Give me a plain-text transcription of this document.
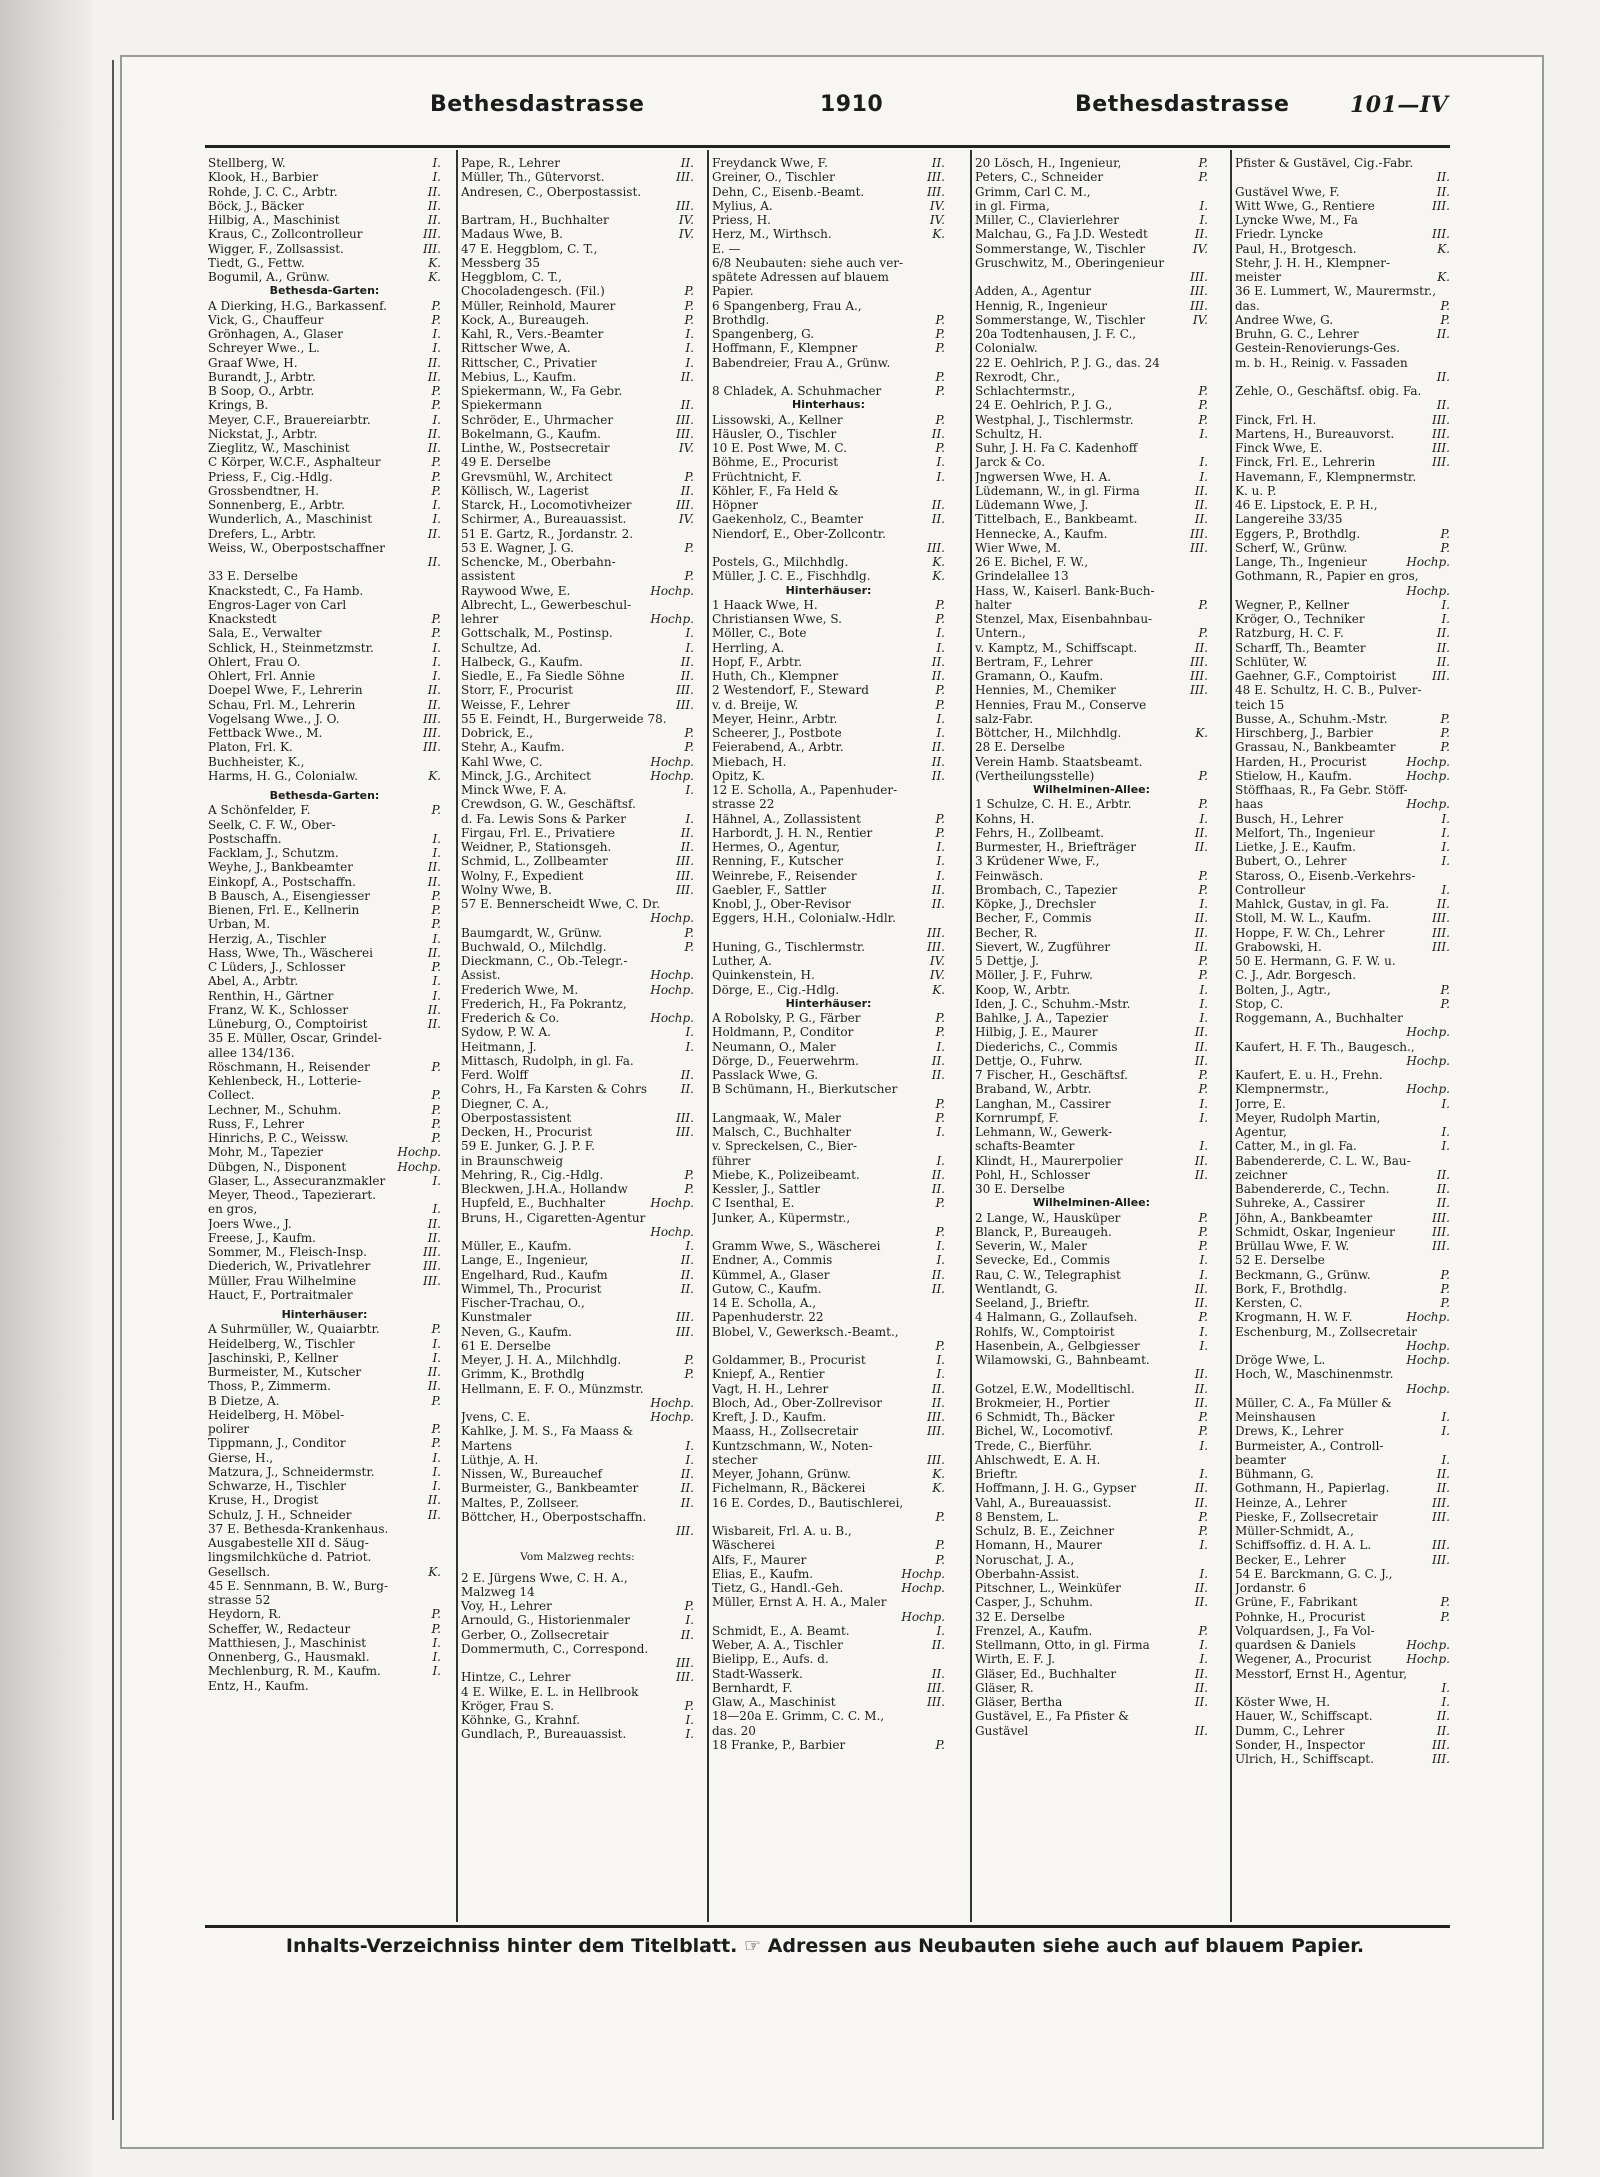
Bethesdastrasse	1910	Bethesdastrasse	101—IV
Stellberg, W.	I.
Klook, H., Barbier	I.
Rohde, J. C. C., Arbtr.	II.
Böck, J., Bäcker	II.
Hilbig, A., Maschinist	II.
Kraus, C., Zollcontrolleur	III.
Wigger, F., Zollsassist.	III.
Tiedt, G., Fettw.	K.
Bogumil, A., Grünw.	K.
Bethesda-Garten:
A Dierking, H.G., Barkassenf.	P.
Vick, G., Chauffeur	P.
Grönhagen, A., Glaser	I.
Schreyer Wwe., L.	I.
Graaf Wwe, H.	II.
Burandt, J., Arbtr.	II.
B Soop, O., Arbtr.	P.
Krings, B.	P.
Meyer, C.F., Brauereiarbtr.	I.
Nickstat, J., Arbtr.	II.
Zieglitz, W., Maschinist	II.
C Körper, W.C.F., Asphalteur	P.
Priess, F., Cig.-Hdlg.	P.
Grossbendtner, H.	P.
Sonnenberg, E., Arbtr.	I.
Wunderlich, A., Maschinist	I.
Drefers, L., Arbtr.	II.
Weiss, W., Oberpostschaffner
II.
33 E. Derselbe
Knackstedt, C., Fa Hamb.
Engros-Lager von Carl
Knackstedt	P.
Sala, E., Verwalter	P.
Schlick, H., Steinmetzmstr.	I.
Ohlert, Frau O.	I.
Ohlert, Frl. Annie	I.
Doepel Wwe, F., Lehrerin	II.
Schau, Frl. M., Lehrerin	II.
Vogelsang Wwe., J. O.	III.
Fettback Wwe., M.	III.
Platon, Frl. K.	III.
Buchheister, K.,
Harms, H. G., Colonialw.	K.
Bethesda-Garten:
A Schönfelder, F.	P.
Seelk, C. F. W., Ober-
Postschaffn.	I.
Facklam, J., Schutzm.	I.
Weyhe, J., Bankbeamter	II.
Einkopf, A., Postschaffn.	II.
B Bausch, A., Eisengiesser	P.
Bienen, Frl. E., Kellnerin	P.
Urban, M.	P.
Herzig, A., Tischler	I.
Hass, Wwe, Th., Wäscherei	II.
C Lüders, J., Schlosser	P.
Abel, A., Arbtr.	I.
Renthin, H., Gärtner	I.
Franz, W. K., Schlosser	II.
Lüneburg, O., Comptoirist	II.
35 E. Müller, Oscar, Grindel-
allee 134/136.
Röschmann, H., Reisender	P.
Kehlenbeck, H., Lotterie-
Collect.	P.
Lechner, M., Schuhm.	P.
Russ, F., Lehrer	P.
Hinrichs, P. C., Weissw.	P.
Mohr, M., Tapezier	Hochp.
Dübgen, N., Disponent	Hochp.
Glaser, L., Assecuranzmakler	I.
Meyer, Theod., Tapezierart.
en gros,	I.
Joers Wwe., J.	II.
Freese, J., Kaufm.	II.
Sommer, M., Fleisch-Insp.	III.
Diederich, W., Privatlehrer	III.
Müller, Frau Wilhelmine	III.
Hauct, F., Portraitmaler
Hinterhäuser:
A Suhrmüller, W., Quaiarbtr.	P.
Heidelberg, W., Tischler	I.
Jaschinski, P., Kellner	I.
Burmeister, M., Kutscher	II.
Thoss, P., Zimmerm.	II.
B Dietze, A.	P.
Heidelberg, H. Möbel-
polirer	P.
Tippmann, J., Conditor	P.
Gierse, H.,	I.
Matzura, J., Schneidermstr.	I.
Schwarze, H., Tischler	I.
Kruse, H., Drogist	II.
Schulz, J. H., Schneider	II.
37 E. Bethesda-Krankenhaus.
Ausgabestelle XII d. Säug-
lingsmilchküche d. Patriot.
Gesellsch.	K.
45 E. Sennmann, B. W., Burg-
strasse 52
Heydorn, R.	P.
Scheffer, W., Redacteur	P.
Matthiesen, J., Maschinist	I.
Onnenberg, G., Hausmakl.	I.
Mechlenburg, R. M., Kaufm.	I.
Entz, H., Kaufm.
Pape, R., Lehrer	II.
Müller, Th., Gütervorst.	III.
Andresen, C., Oberpostassist.
III.
Bartram, H., Buchhalter	IV.
Madaus Wwe, B.	IV.
47 E. Heggblom, C. T.,
Messberg 35
Heggblom, C. T.,
Chocoladengesch. (Fil.)	P.
Müller, Reinhold, Maurer	P.
Kock, A., Bureaugeh.	P.
Kahl, R., Vers.-Beamter	I.
Rittscher Wwe, A.	I.
Rittscher, C., Privatier	I.
Mebius, L., Kaufm.	II.
Spiekermann, W., Fa Gebr.
Spiekermann	II.
Schröder, E., Uhrmacher	III.
Bokelmann, G., Kaufm.	III.
Linthe, W., Postsecretair	IV.
49 E. Derselbe
Grevsmühl, W., Architect	P.
Köllisch, W., Lagerist	II.
Starck, H., Locomotivheizer	III.
Schirmer, A., Bureauassist.	IV.
51 E. Gartz, R., Jordanstr. 2.
53 E. Wagner, J. G.	P.
Schencke, M., Oberbahn-
assistent	P.
Raywood Wwe, E.	Hochp.
Albrecht, L., Gewerbeschul-
lehrer	Hochp.
Gottschalk, M., Postinsp.	I.
Schultze, Ad.	I.
Halbeck, G., Kaufm.	II.
Siedle, E., Fa Siedle Söhne	II.
Storr, F., Procurist	III.
Weisse, F., Lehrer	III.
55 E. Feindt, H., Burgerweide 78.
Dobrick, E.,	P.
Stehr, A., Kaufm.	P.
Kahl Wwe, C.	Hochp.
Minck, J.G., Architect	Hochp.
Minck Wwe, F. A.	I.
Crewdson, G. W., Geschäftsf.
d. Fa. Lewis Sons & Parker	I.
Firgau, Frl. E., Privatiere	II.
Weidner, P., Stationsgeh.	II.
Schmid, L., Zollbeamter	III.
Wolny, F., Expedient	III.
Wolny Wwe, B.	III.
57 E. Bennerscheidt Wwe, C. Dr.
Hochp.
Baumgardt, W., Grünw.	P.
Buchwald, O., Milchdlg.	P.
Dieckmann, C., Ob.-Telegr.-
Assist.	Hochp.
Frederich Wwe, M.	Hochp.
Frederich, H., Fa Pokrantz,
Frederich & Co.	Hochp.
Sydow, P. W. A.	I.
Heitmann, J.	I.
Mittasch, Rudolph, in gl. Fa.
Ferd. Wolff	II.
Cohrs, H., Fa Karsten & Cohrs	II.
Diegner, C. A.,
Oberpostassistent	III.
Decken, H., Procurist	III.
59 E. Junker, G. J. P. F.
in Braunschweig
Mehring, R., Cig.-Hdlg.	P.
Bleckwen, J.H.A., Hollandw	P.
Hupfeld, E., Buchhalter	Hochp.
Bruns, H., Cigaretten-Agentur
Hochp.
Müller, E., Kaufm.	I.
Lange, E., Ingenieur,	II.
Engelhard, Rud., Kaufm	II.
Wimmel, Th., Procurist	II.
Fischer-Trachau, O.,
Kunstmaler	III.
Neven, G., Kaufm.	III.
61 E. Derselbe
Meyer, J. H. A., Milchhdlg.	P.
Grimm, K., Brothdlg	P.
Hellmann, E. F. O., Münzmstr.
Hochp.
Jvens, C. E.	Hochp.
Kahlke, J. M. S., Fa Maass &
Martens	I.
Lüthje, A. H.	I.
Nissen, W., Bureauchef	II.
Burmeister, G., Bankbeamter	II.
Maltes, P., Zollseer.	II.
Böttcher, H., Oberpostschaffn.
III.
Vom Malzweg rechts:
2 E. Jürgens Wwe, C. H. A.,
Malzweg 14
Voy, H., Lehrer	P.
Arnould, G., Historienmaler	I.
Gerber, O., Zollsecretair	II.
Dommermuth, C., Correspond.
III.
Hintze, C., Lehrer	III.
4 E. Wilke, E. L. in Hellbrook
Kröger, Frau S.	P.
Köhnke, G., Krahnf.	I.
Gundlach, P., Bureauassist.	I.
Freydanck Wwe, F.	II.
Greiner, O., Tischler	III.
Dehn, C., Eisenb.-Beamt.	III.
Mylius, A.	IV.
Priess, H.	IV.
Herz, M., Wirthsch.	K.
E. —
6/8 Neubauten: siehe auch ver-
spätete Adressen auf blauem
Papier.
6 Spangenberg, Frau A.,
Brothdlg.	P.
Spangenberg, G.	P.
Hoffmann, F., Klempner	P.
Babendreier, Frau A., Grünw.
P.
8 Chladek, A. Schuhmacher	P.
Hinterhaus:
Lissowski, A., Kellner	P.
Häusler, O., Tischler	II.
10 E. Post Wwe, M. C.	P.
Böhme, E., Procurist	I.
Früchtnicht, F.	I.
Köhler, F., Fa Held &
Höpner	II.
Gaekenholz, C., Beamter	II.
Niendorf, E., Ober-Zollcontr.
III.
Postels, G., Milchhdlg.	K.
Müller, J. C. E., Fischhdlg.	K.
Hinterhäuser:
1 Haack Wwe, H.	P.
Christiansen Wwe, S.	P.
Möller, C., Bote	I.
Herrling, A.	I.
Hopf, F., Arbtr.	II.
Huth, Ch., Klempner	II.
2 Westendorf, F., Steward	P.
v. d. Breije, W.	P.
Meyer, Heinr., Arbtr.	I.
Scheerer, J., Postbote	I.
Feierabend, A., Arbtr.	II.
Miebach, H.	II.
Opitz, K.	II.
12 E. Scholla, A., Papenhuder-
strasse 22
Hähnel, A., Zollassistent	P.
Harbordt, J. H. N., Rentier	P.
Hermes, O., Agentur,	I.
Renning, F., Kutscher	I.
Weinrebe, F., Reisender	I.
Gaebler, F., Sattler	II.
Knobl, J., Ober-Revisor	II.
Eggers, H.H., Colonialw.-Hdlr.
III.
Huning, G., Tischlermstr.	III.
Luther, A.	IV.
Quinkenstein, H.	IV.
Dörge, E., Cig.-Hdlg.	K.
Hinterhäuser:
A Robolsky, P. G., Färber	P.
Holdmann, P., Conditor	P.
Neumann, O., Maler	I.
Dörge, D., Feuerwehrm.	II.
Passlack Wwe, G.	II.
B Schümann, H., Bierkutscher
P.
Langmaak, W., Maler	P.
Malsch, C., Buchhalter	I.
v. Spreckelsen, C., Bier-
führer	I.
Miebe, K., Polizeibeamt.	II.
Kessler, J., Sattler	II.
C Isenthal, E.	P.
Junker, A., Küpermstr.,
P.
Gramm Wwe, S., Wäscherei	I.
Endner, A., Commis	I.
Kümmel, A., Glaser	II.
Gutow, C., Kaufm.	II.
14 E. Scholla, A.,
Papenhuderstr. 22
Blobel, V., Gewerksch.-Beamt.,
P.
Goldammer, B., Procurist	I.
Kniepf, A., Rentier	I.
Vagt, H. H., Lehrer	II.
Bloch, Ad., Ober-Zollrevisor	II.
Kreft, J. D., Kaufm.	III.
Maass, H., Zollsecretair	III.
Kuntzschmann, W., Noten-
stecher	III.
Meyer, Johann, Grünw.	K.
Fichelmann, R., Bäckerei	K.
16 E. Cordes, D., Bautischlerei,
P.
Wisbareit, Frl. A. u. B.,
Wäscherei	P.
Alfs, F., Maurer	P.
Elias, E., Kaufm.	Hochp.
Tietz, G., Handl.-Geh.	Hochp.
Müller, Ernst A. H. A., Maler
Hochp.
Schmidt, E., A. Beamt.	I.
Weber, A. A., Tischler	II.
Bielipp, E., Aufs. d.
Stadt-Wasserk.	II.
Bernhardt, F.	III.
Glaw, A., Maschinist	III.
18—20a E. Grimm, C. C. M.,
das. 20
18 Franke, P., Barbier	P.
20 Lösch, H., Ingenieur,	P.
Peters, C., Schneider	P.
Grimm, Carl C. M.,
in gl. Firma,	I.
Miller, C., Clavierlehrer	I.
Malchau, G., Fa J.D. Westedt	II.
Sommerstange, W., Tischler	IV.
Gruschwitz, M., Oberingenieur
III.
Adden, A., Agentur	III.
Hennig, R., Ingenieur	III.
Sommerstange, W., Tischler	IV.
20a Todtenhausen, J. F. C.,
Colonialw.
22 E. Oehlrich, P. J. G., das. 24
Rexrodt, Chr.,
Schlachtermstr.,	P.
24 E. Oehlrich, P. J. G.,	P.
Westphal, J., Tischlermstr.	P.
Schultz, H.	I.
Suhr, J. H. Fa C. Kadenhoff
Jarck & Co.	I.
Jngwersen Wwe, H. A.	I.
Lüdemann, W., in gl. Firma	II.
Lüdemann Wwe, J.	II.
Tittelbach, E., Bankbeamt.	II.
Hennecke, A., Kaufm.	III.
Wier Wwe, M.	III.
26 E. Bichel, F. W.,
Grindelallee 13
Hass, W., Kaiserl. Bank-Buch-
halter	P.
Stenzel, Max, Eisenbahnbau-
Untern.,	P.
v. Kamptz, M., Schiffscapt.	II.
Bertram, F., Lehrer	III.
Gramann, O., Kaufm.	III.
Hennies, M., Chemiker	III.
Hennies, Frau M., Conserve
salz-Fabr.
Böttcher, H., Milchhdlg.	K.
28 E. Derselbe
Verein Hamb. Staatsbeamt.
(Vertheilungsstelle)	P.
Wilhelminen-Allee:
1 Schulze, C. H. E., Arbtr.	P.
Kohns, H.	I.
Fehrs, H., Zollbeamt.	II.
Burmester, H., Briefträger	II.
3 Krüdener Wwe, F.,
Feinwäsch.	P.
Brombach, C., Tapezier	P.
Köpke, J., Drechsler	I.
Becher, F., Commis	II.
Becher, R.	II.
Sievert, W., Zugführer	II.
5 Dettje, J.	P.
Möller, J. F., Fuhrw.	P.
Koop, W., Arbtr.	I.
Iden, J. C., Schuhm.-Mstr.	I.
Bahlke, J. A., Tapezier	I.
Hilbig, J. E., Maurer	II.
Diederichs, C., Commis	II.
Dettje, O., Fuhrw.	II.
7 Fischer, H., Geschäftsf.	P.
Braband, W., Arbtr.	P.
Langhan, M., Cassirer	I.
Kornrumpf, F.	I.
Lehmann, W., Gewerk-
schafts-Beamter	I.
Klindt, H., Maurerpolier	II.
Pohl, H., Schlosser	II.
30 E. Derselbe
Wilhelminen-Allee:
2 Lange, W., Hausküper	P.
Blanck, P., Bureaugeh.	P.
Severin, W., Maler	P.
Sevecke, Ed., Commis	I.
Rau, C. W., Telegraphist	I.
Wentlandt, G.	II.
Seeland, J., Brieftr.	II.
4 Halmann, G., Zollaufseh.	P.
Rohlfs, W., Comptoirist	I.
Hasenbein, A., Gelbgiesser	I.
Wilamowski, G., Bahnbeamt.
II.
Gotzel, E.W., Modelltischl.	II.
Brokmeier, H., Portier	II.
6 Schmidt, Th., Bäcker	P.
Bichel, W., Locomotivf.	P.
Trede, C., Bierführ.	I.
Ahlschwedt, E. A. H.
Brieftr.	I.
Hoffmann, J. H. G., Gypser	II.
Vahl, A., Bureauassist.	II.
8 Benstem, L.	P.
Schulz, B. E., Zeichner	P.
Homann, H., Maurer	I.
Noruschat, J. A.,
Oberbahn-Assist.	I.
Pitschner, L., Weinküfer	II.
Casper, J., Schuhm.	II.
32 E. Derselbe
Frenzel, A., Kaufm.	P.
Stellmann, Otto, in gl. Firma	I.
Wirth, E. F. J.	I.
Gläser, Ed., Buchhalter	II.
Gläser, R.	II.
Gläser, Bertha	II.
Gustävel, E., Fa Pfister &
Gustävel	II.
Pfister & Gustävel, Cig.-Fabr.
II.
Gustävel Wwe, F.	II.
Witt Wwe, G., Rentiere	III.
Lyncke Wwe, M., Fa
Friedr. Lyncke	III.
Paul, H., Brotgesch.	K.
Stehr, J. H. H., Klempner-
meister	K.
36 E. Lummert, W., Maurermstr.,
das.	P.
Andree Wwe, G.	P.
Bruhn, G. C., Lehrer	II.
Gestein-Renovierungs-Ges.
m. b. H., Reinig. v. Fassaden
II.
Zehle, O., Geschäftsf. obig. Fa.
II.
Finck, Frl. H.	III.
Martens, H., Bureauvorst.	III.
Finck Wwe, E.	III.
Finck, Frl. E., Lehrerin	III.
Havemann, F., Klempnermstr.
K. u. P.
46 E. Lipstock, E. P. H.,
Langereihe 33/35
Eggers, P., Brothdlg.	P.
Scherf, W., Grünw.	P.
Lange, Th., Ingenieur	Hochp.
Gothmann, R., Papier en gros,
Hochp.
Wegner, P., Kellner	I.
Kröger, O., Techniker	I.
Ratzburg, H. C. F.	II.
Scharff, Th., Beamter	II.
Schlüter, W.	II.
Gaehner, G.F., Comptoirist	III.
48 E. Schultz, H. C. B., Pulver-
teich 15
Busse, A., Schuhm.-Mstr.	P.
Hirschberg, J., Barbier	P.
Grassau, N., Bankbeamter	P.
Harden, H., Procurist	Hochp.
Stielow, H., Kaufm.	Hochp.
Stöffhaas, R., Fa Gebr. Stöff-
haas	Hochp.
Busch, H., Lehrer	I.
Melfort, Th., Ingenieur	I.
Lietke, J. E., Kaufm.	I.
Bubert, O., Lehrer	I.
Staross, O., Eisenb.-Verkehrs-
Controlleur	I.
Mahlck, Gustav, in gl. Fa.	II.
Stoll, M. W. L., Kaufm.	III.
Hoppe, F. W. Ch., Lehrer	III.
Grabowski, H.	III.
50 E. Hermann, G. F. W. u.
C. J., Adr. Borgesch.
Bolten, J., Agtr.,	P.
Stop, C.	P.
Roggemann, A., Buchhalter
Hochp.
Kaufert, H. F. Th., Baugesch.,
Hochp.
Kaufert, E. u. H., Frehn.
Klempnermstr.,	Hochp.
Jorre, E.	I.
Meyer, Rudolph Martin,
Agentur,	I.
Catter, M., in gl. Fa.	I.
Babendererde, C. L. W., Bau-
zeichner	II.
Babendererde, C., Techn.	II.
Suhreke, A., Cassirer	II.
Jöhn, A., Bankbeamter	III.
Schmidt, Oskar, Ingenieur	III.
Brüllau Wwe, F. W.	III.
52 E. Derselbe
Beckmann, G., Grünw.	P.
Bork, F., Brothdlg.	P.
Kersten, C.	P.
Krogmann, H. W. F.	Hochp.
Eschenburg, M., Zollsecretair
Hochp.
Dröge Wwe, L.	Hochp.
Hoch, W., Maschinenmstr.
Hochp.
Müller, C. A., Fa Müller &
Meinshausen	I.
Drews, K., Lehrer	I.
Burmeister, A., Controll-
beamter	I.
Bühmann, G.	II.
Gothmann, H., Papierlag.	II.
Heinze, A., Lehrer	III.
Pieske, F., Zollsecretair	III.
Müller-Schmidt, A.,
Schiffsoffiz. d. H. A. L.	III.
Becker, E., Lehrer	III.
54 E. Barckmann, G. C. J.,
Jordanstr. 6
Grüne, F., Fabrikant	P.
Pohnke, H., Procurist	P.
Volquardsen, J., Fa Vol-
quardsen & Daniels	Hochp.
Wegener, A., Procurist	Hochp.
Messtorf, Ernst H., Agentur,
I.
Köster Wwe, H.	I.
Hauer, W., Schiffscapt.	II.
Dumm, C., Lehrer	II.
Sonder, H., Inspector	III.
Ulrich, H., Schiffscapt.	III.
Inhalts-Verzeichniss hinter dem Titelblatt. ☞ Adressen aus Neubauten siehe auch auf blauem Papier.
